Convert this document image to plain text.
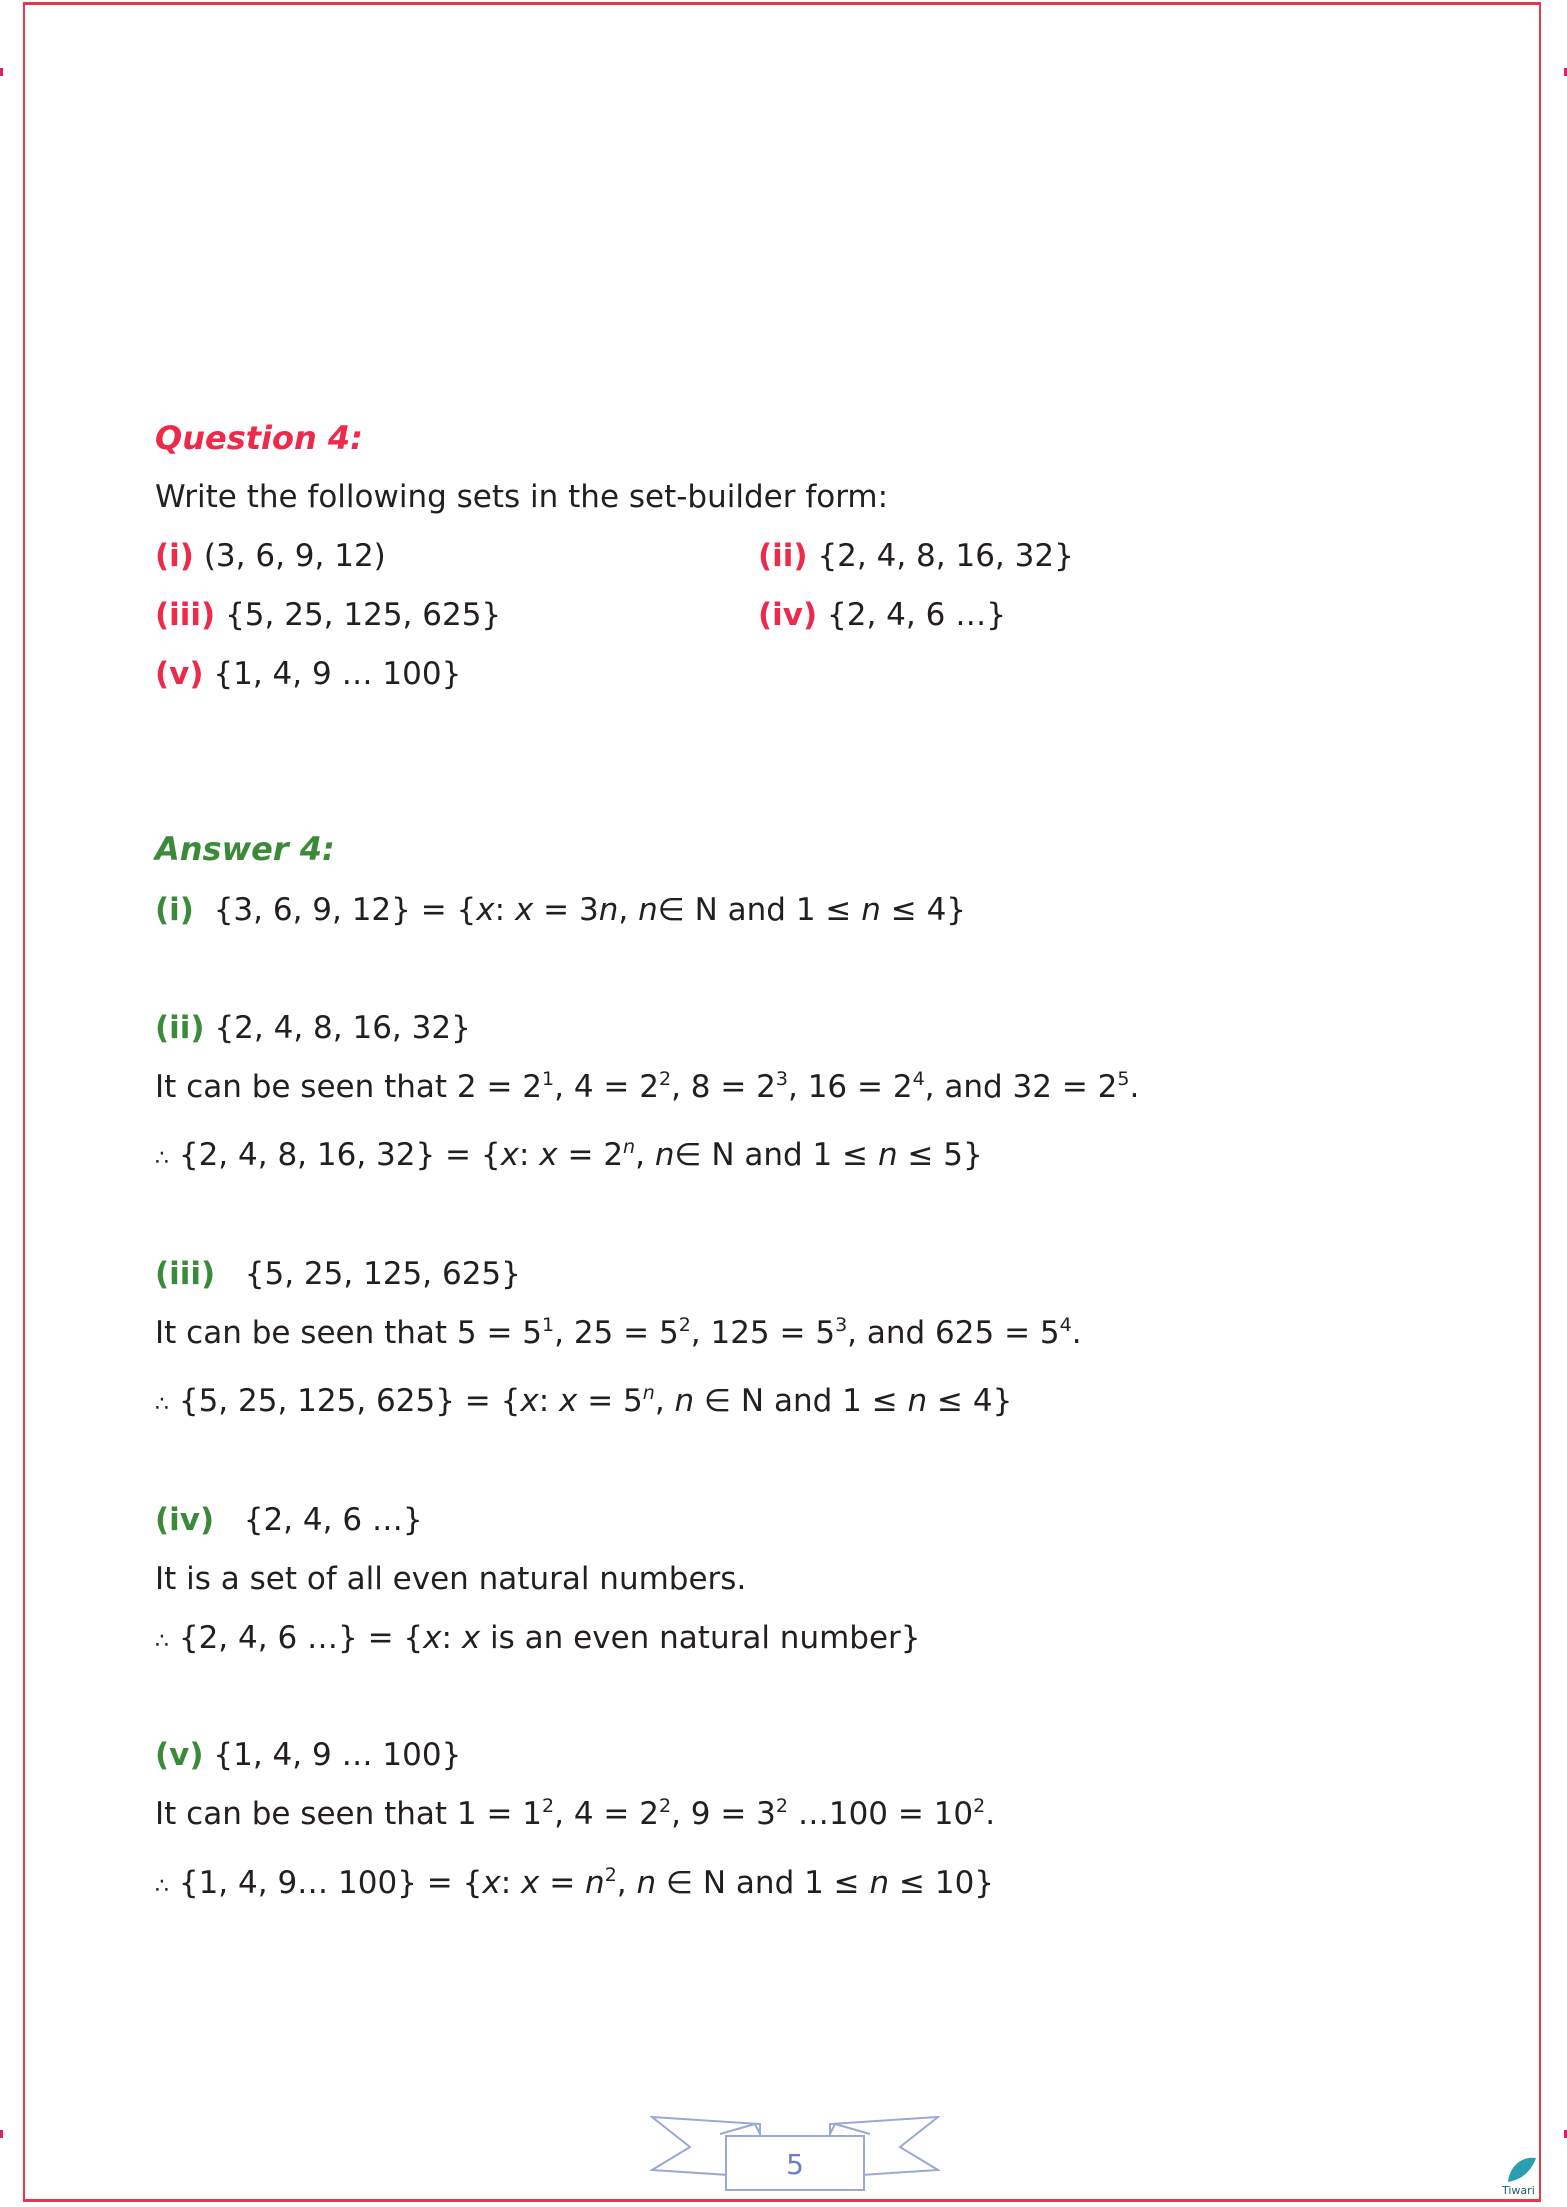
Question 4:
Write the following sets in the set-builder form:
(i) (3, 6, 9, 12)	(ii) {2, 4, 8, 16, 32}
(iii) {5, 25, 125, 625}	(iv) {2, 4, 6 …}
(v) {1, 4, 9 … 100}
Answer 4:
(i) {3, 6, 9, 12} = {x: x = 3n, n∈ N and 1 ≤ n ≤ 4}
(ii) {2, 4, 8, 16, 32}
It can be seen that $2 = 2^1$, $4 = 2^2$, $8 = 2^3$, $16 = 2^4$, and $32 = 2^5$.
∴ {2, 4, 8, 16, 32} = {x: $x = 2^n$, n∈ N and 1 ≤ n ≤ 5}
(iii) {5, 25, 125, 625}
It can be seen that $5 = 5^1$, $25 = 5^2$, $125 = 5^3$, and $625 = 5^4$.
∴ {5, 25, 125, 625} = {x: $x = 5^n$, n ∈ N and 1 ≤ n ≤ 4}
(iv) {2, 4, 6 …}
It is a set of all even natural numbers.
∴ {2, 4, 6 …} = {x: x is an even natural number}
(v) {1, 4, 9 … 100}
It can be seen that $1 = 1^2$, $4 = 2^2$, $9 = 3^2$ …100 = $10^2$.
∴ {1, 4, 9… 100} = {x: $x = n^2$, n ∈ N and 1 ≤ n ≤ 10}
5
Tiwari
